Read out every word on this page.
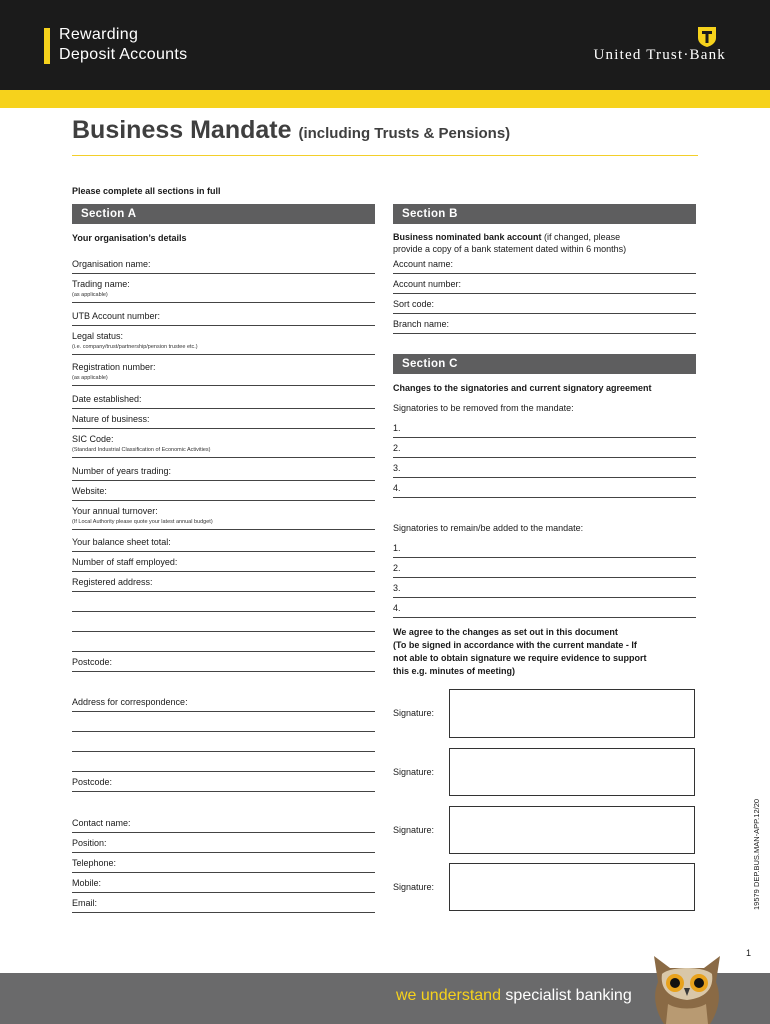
Rewarding
Deposit Accounts	United Trust·Bank
Business Mandate (including Trusts & Pensions)
Please complete all sections in full
Section A
Your organisation’s details
Organisation name:
Trading name:
(as applicable)
UTB Account number:
Legal status:
(i.e. company/trust/partnership/pension trustee etc.)
Registration number:
(as applicable)
Date established:
Nature of business:
SIC Code:
(Standard Industrial Classification of Economic Activities)
Number of years trading:
Website:
Your annual turnover:
(If Local Authority please quote your latest annual budget)
Your balance sheet total:
Number of staff employed:
Registered address:
Postcode:
Address for correspondence:
Postcode:
Contact name:
Position:
Telephone:
Mobile:
Email:
Section B
Business nominated bank account (if changed, please
provide a copy of a bank statement dated within 6 months)
Account name:
Account number:
Sort code:
Branch name:
Section C
Changes to the signatories and current signatory agreement
Signatories to be removed from the mandate:
1.
2.
3.
4.
Signatories to remain/be added to the mandate:
1.
2.
3.
4.
We agree to the changes as set out in this document
(To be signed in accordance with the current mandate - If
not able to obtain signature we require evidence to support
this e.g. minutes of meeting)
Signature:
Signature:
Signature:
Signature:	19579 DEP.BUS.MAN-APP.12/20
1
we understand specialist banking
